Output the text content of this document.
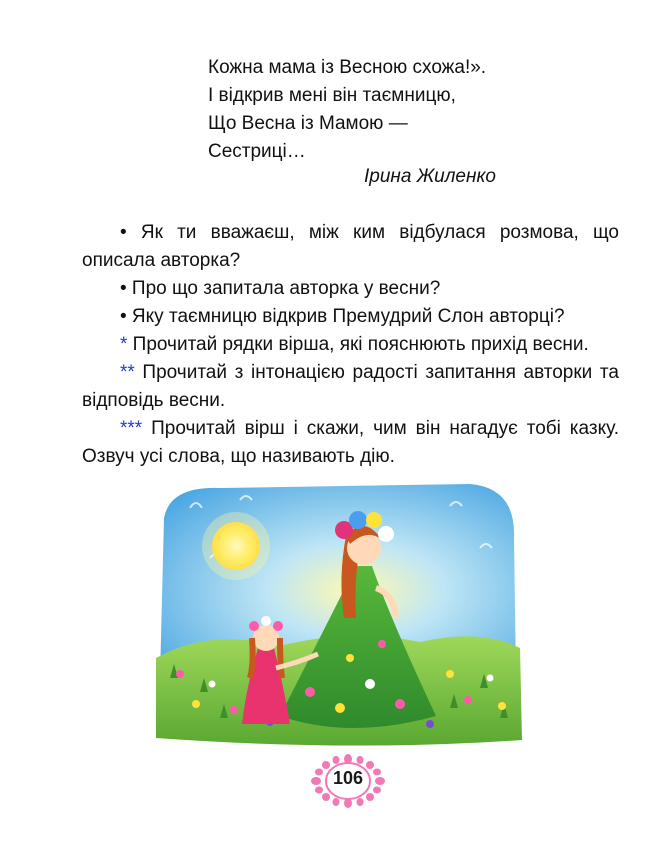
Кожна мама із Весною схожа!».
І відкрив мені він таємницю,
Що Весна із Мамою —
Сестриці…
Ірина Жиленко

• Як ти вважаєш, між ким відбулася розмова, що описала авторка?

• Про що запитала авторка у весни?

• Яку таємницю відкрив Премудрий Слон авторці?

* Прочитай рядки вірша, які пояснюють прихід весни.

** Прочитай з інтонацією радості запитання авторки та відповідь весни.

*** Прочитай вірш і скажи, чим він нагадує тобі казку. Озвуч усі слова, що називають дію.

106
